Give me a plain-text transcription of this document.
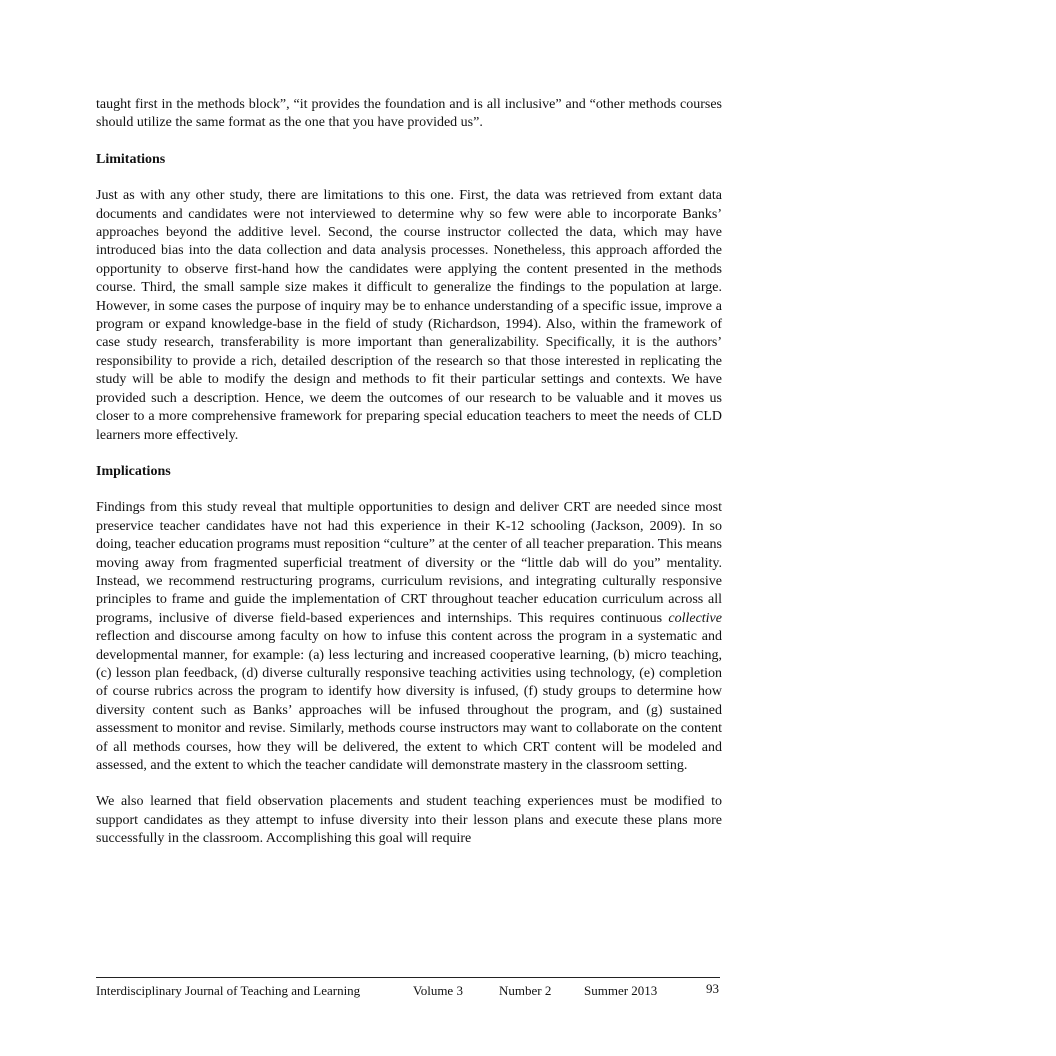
taught first in the methods block”, “it provides the foundation and is all inclusive” and “other methods courses should utilize the same format as the one that you have provided us”.

Limitations

Just as with any other study, there are limitations to this one. First, the data was retrieved from extant data documents and candidates were not interviewed to determine why so few were able to incorporate Banks’ approaches beyond the additive level. Second, the course instructor collected the data, which may have introduced bias into the data collection and data analysis processes. Nonetheless, this approach afforded the opportunity to observe first-hand how the candidates were applying the content presented in the methods course. Third, the small sample size makes it difficult to generalize the findings to the population at large. However, in some cases the purpose of inquiry may be to enhance understanding of a specific issue, improve a program or expand knowledge-base in the field of study (Richardson, 1994). Also, within the framework of case study research, transferability is more important than generalizability. Specifically, it is the authors’ responsibility to provide a rich, detailed description of the research so that those interested in replicating the study will be able to modify the design and methods to fit their particular settings and contexts. We have provided such a description. Hence, we deem the outcomes of our research to be valuable and it moves us closer to a more comprehensive framework for preparing special education teachers to meet the needs of CLD learners more effectively.

Implications

Findings from this study reveal that multiple opportunities to design and deliver CRT are needed since most preservice teacher candidates have not had this experience in their K-12 schooling (Jackson, 2009). In so doing, teacher education programs must reposition “culture” at the center of all teacher preparation. This means moving away from fragmented superficial treatment of diversity or the “little dab will do you” mentality. Instead, we recommend restructuring programs, curriculum revisions, and integrating culturally responsive principles to frame and guide the implementation of CRT throughout teacher education curriculum across all programs, inclusive of diverse field-based experiences and internships. This requires continuous collective reflection and discourse among faculty on how to infuse this content across the program in a systematic and developmental manner, for example: (a) less lecturing and increased cooperative learning, (b) micro teaching, (c) lesson plan feedback, (d) diverse culturally responsive teaching activities using technology, (e) completion of course rubrics across the program to identify how diversity is infused, (f) study groups to determine how diversity content such as Banks’ approaches will be infused throughout the program, and (g) sustained assessment to monitor and revise. Similarly, methods course instructors may want to collaborate on the content of all methods courses, how they will be delivered, the extent to which CRT content will be modeled and assessed, and the extent to which the teacher candidate will demonstrate mastery in the classroom setting.

We also learned that field observation placements and student teaching experiences must be modified to support candidates as they attempt to infuse diversity into their lesson plans and execute these plans more successfully in the classroom. Accomplishing this goal will require

Interdisciplinary Journal of Teaching and Learning	Volume 3	Number 2	Summer 2013	93
